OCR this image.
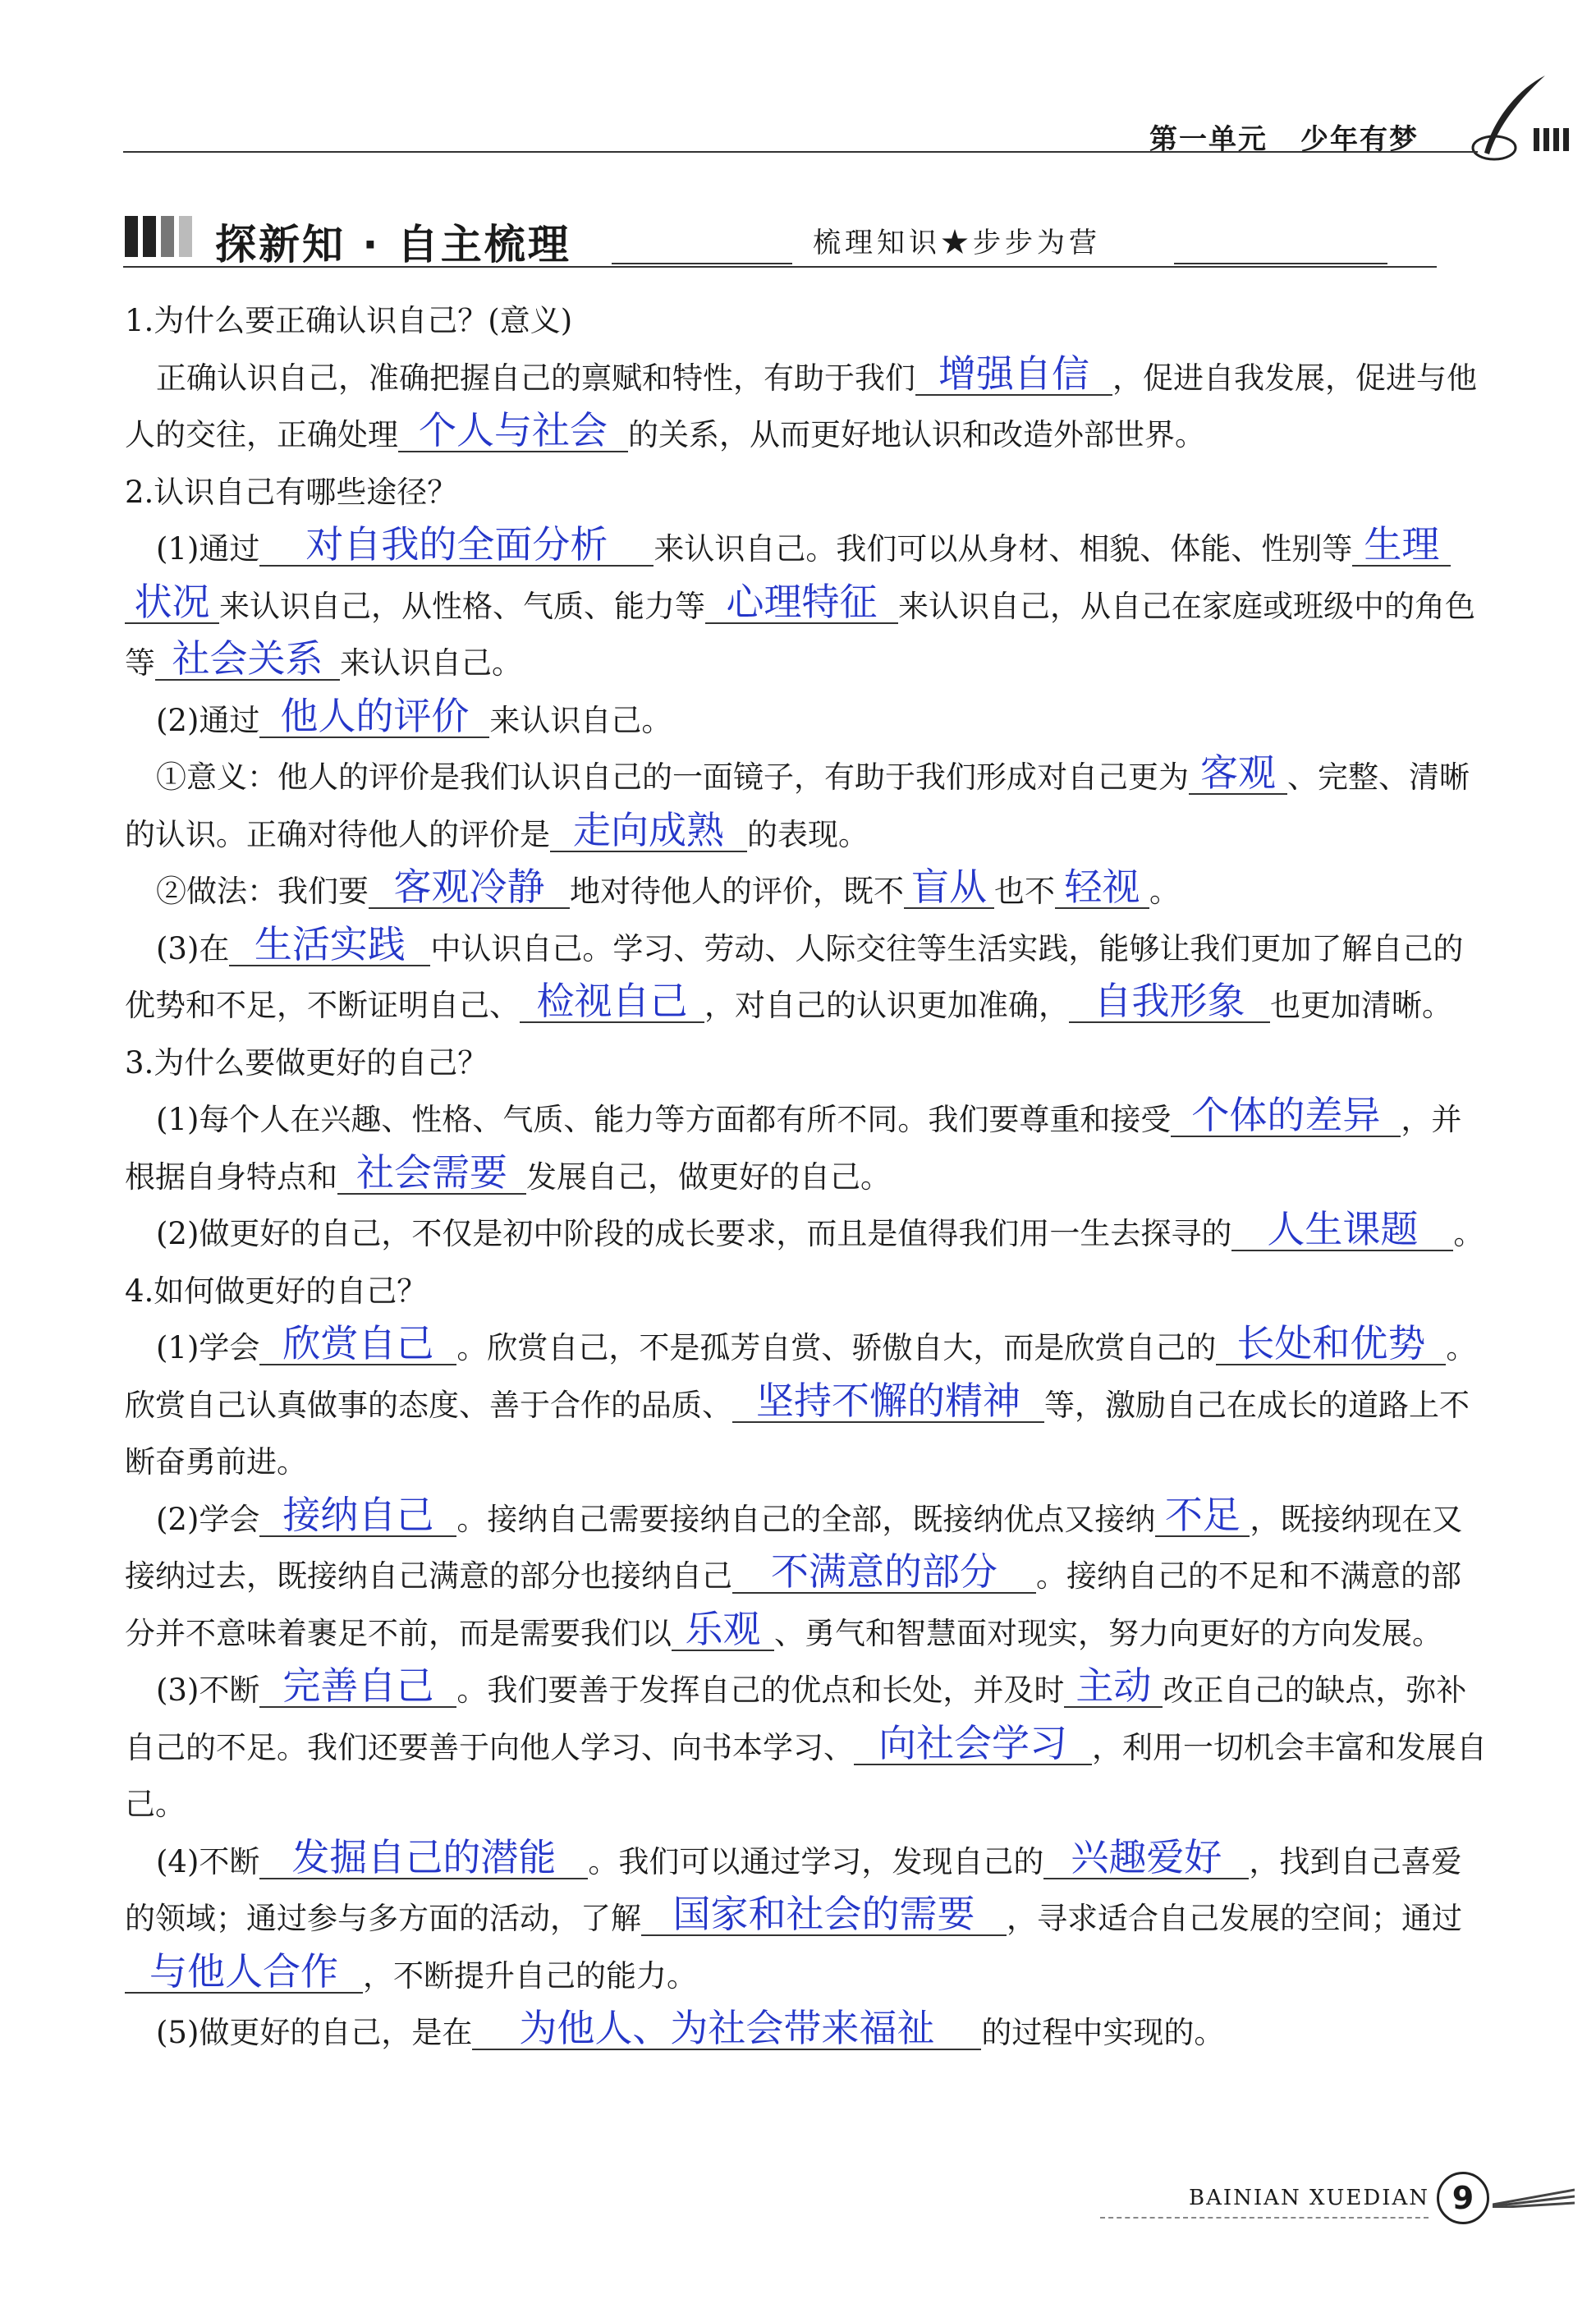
第一单元 少年有梦
探新知 · 自主梳理	梳理知识★步步为营

1.为什么要正确认识自己？(意义)

正确认识自己，准确把握自己的禀赋和特性，有助于我们 增强自信 ，促进自我发展，促进与他人的交往，正确处理 个人与社会 的关系，从而更好地认识和改造外部世界。

2.认识自己有哪些途径？

(1)通过 对自我的全面分析 来认识自己。我们可以从身材、相貌、体能、性别等 生理状况 来认识自己，从性格、气质、能力等 心理特征 来认识自己，从自己在家庭或班级中的角色等 社会关系 来认识自己。

(2)通过 他人的评价 来认识自己。

①意义：他人的评价是我们认识自己的一面镜子，有助于我们形成对自己更为 客观 、完整、清晰的认识。正确对待他人的评价是 走向成熟 的表现。

②做法：我们要 客观冷静 地对待他人的评价，既不 盲从 也不 轻视 。

(3)在 生活实践 中认识自己。学习、劳动、人际交往等生活实践，能够让我们更加了解自己的优势和不足，不断证明自己、 检视自己 ，对自己的认识更加准确， 自我形象 也更加清晰。

3.为什么要做更好的自己？

(1)每个人在兴趣、性格、气质、能力等方面都有所不同。我们要尊重和接受 个体的差异 ，并根据自身特点和 社会需要 发展自己，做更好的自己。

(2)做更好的自己，不仅是初中阶段的成长要求，而且是值得我们用一生去探寻的 人生课题 。

4.如何做更好的自己？

(1)学会 欣赏自己 。欣赏自己，不是孤芳自赏、骄傲自大，而是欣赏自己的 长处和优势 。欣赏自己认真做事的态度、善于合作的品质、 坚持不懈的精神 等，激励自己在成长的道路上不断奋勇前进。

(2)学会 接纳自己 。接纳自己需要接纳自己的全部，既接纳优点又接纳 不足 ，既接纳现在又接纳过去，既接纳自己满意的部分也接纳自己 不满意的部分 。接纳自己的不足和不满意的部分并不意味着裹足不前，而是需要我们以 乐观 、勇气和智慧面对现实，努力向更好的方向发展。

(3)不断 完善自己 。我们要善于发挥自己的优点和长处，并及时 主动 改正自己的缺点，弥补自己的不足。我们还要善于向他人学习、向书本学习、 向社会学习 ，利用一切机会丰富和发展自己。

(4)不断 发掘自己的潜能 。我们可以通过学习，发现自己的 兴趣爱好 ，找到自己喜爱的领域；通过参与多方面的活动，了解 国家和社会的需要 ，寻求适合自己发展的空间；通过与他人合作 ，不断提升自己的能力。

(5)做更好的自己，是在 为他人、为社会带来福祉 的过程中实现的。

BAINIAN XUEDIAN 9
